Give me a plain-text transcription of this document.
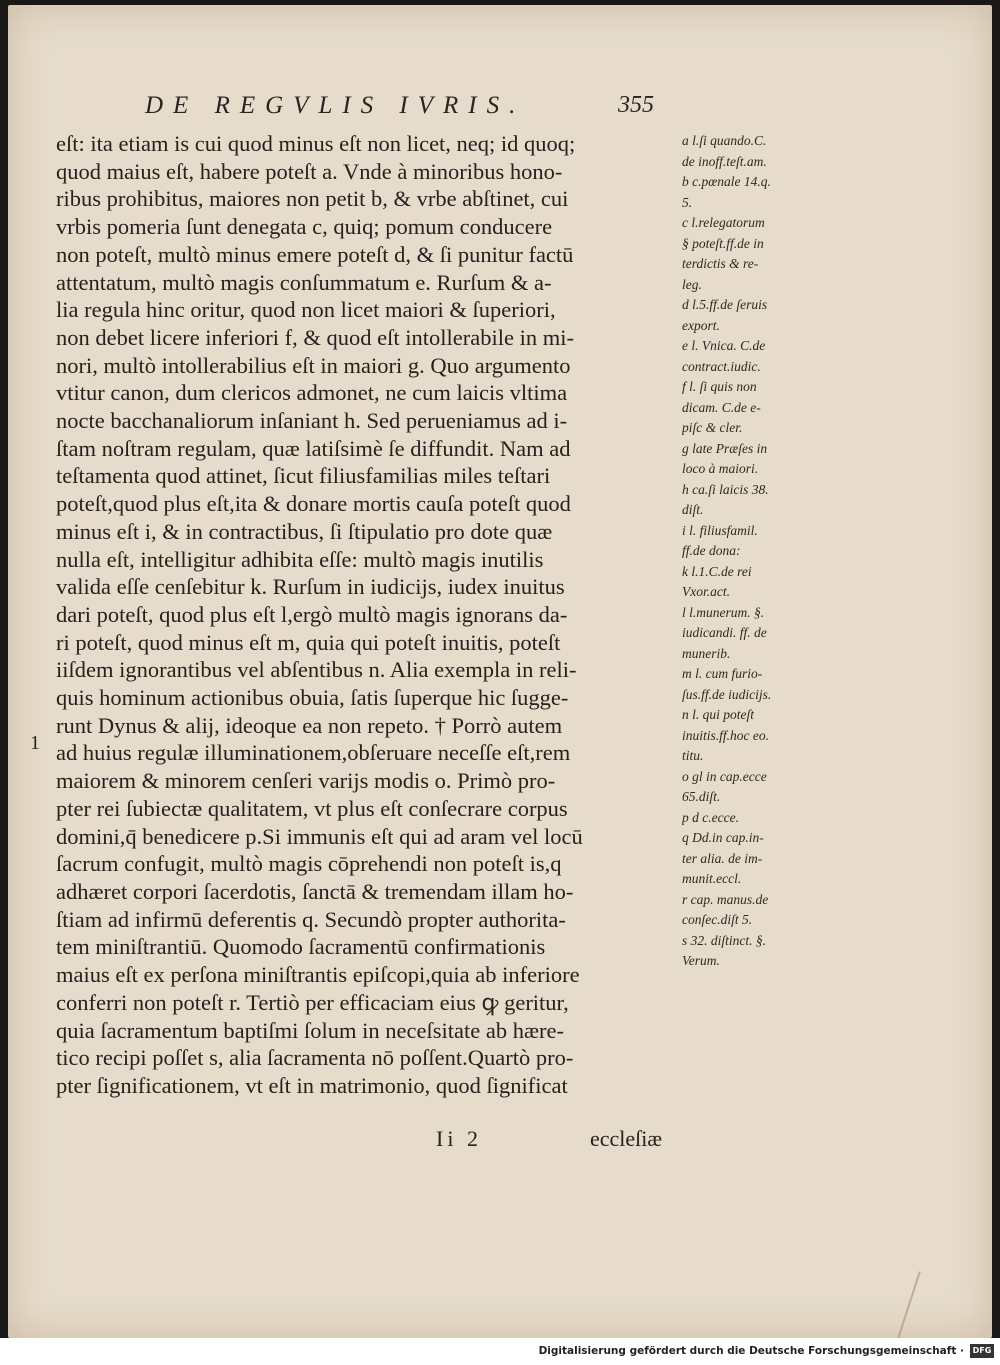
DE REGVLIS IVRIS.	355
1
eſt: ita etiam is cui quod minus eſt non licet, neq; id quoq;
quod maius eſt, habere poteſt a. Vnde à minoribus hono-
ribus prohibitus, maiores non petit b, & vrbe abſtinet, cui
vrbis pomeria ſunt denegata c, quiq; pomum conducere
non poteſt, multò minus emere poteſt d, & ſi punitur factū
attentatum, multò magis conſummatum e. Rurſum & a-
lia regula hinc oritur, quod non licet maiori & ſuperiori,
non debet licere inferiori f, & quod eſt intollerabile in mi-
nori, multò intollerabilius eſt in maiori g. Quo argumento
vtitur canon, dum clericos admonet, ne cum laicis vltima
nocte bacchanaliorum inſaniant h. Sed perueniamus ad i-
ſtam noſtram regulam, quæ latiſsimè ſe diffundit. Nam ad
teſtamenta quod attinet, ſicut filiusfamilias miles teſtari
poteſt,quod plus eſt,ita & donare mortis cauſa poteſt quod
minus eſt i, & in contractibus, ſi ſtipulatio pro dote quæ
nulla eſt, intelligitur adhibita eſſe: multò magis inutilis
valida eſſe cenſebitur k. Rurſum in iudicijs, iudex inuitus
dari poteſt, quod plus eſt l,ergò multò magis ignorans da-
ri poteſt, quod minus eſt m, quia qui poteſt inuitis, poteſt
iiſdem ignorantibus vel abſentibus n. Alia exempla in reli-
quis hominum actionibus obuia, ſatis ſuperque hic ſugge-
runt Dynus & alij, ideoque ea non repeto. † Porrò autem
ad huius regulæ illuminationem,obſeruare neceſſe eſt,rem
maiorem & minorem cenſeri varijs modis o. Primò pro-
pter rei ſubiectæ qualitatem, vt plus eſt conſecrare corpus
domini,q̄ benedicere p.Si immunis eſt qui ad aram vel locū
ſacrum confugit, multò magis cōprehendi non poteſt is,q
adhæret corpori ſacerdotis, ſanctā & tremendam illam ho-
ſtiam ad infirmū deferentis q. Secundò propter authorita-
tem miniſtrantiū. Quomodo ſacramentū confirmationis
maius eſt ex perſona miniſtrantis epiſcopi,quia ab inferiore
conferri non poteſt r. Tertiò per efficaciam eius ꝙ geritur,
quia ſacramentum baptiſmi ſolum in neceſsitate ab hære-
tico recipi poſſet s, alia ſacramenta nō poſſent.Quartò pro-
pter ſignificationem, vt eſt in matrimonio, quod ſignificat
a l.ſi quando.C.
de inoff.teſt.am.
b c.pœnale 14.q.
5.
c l.relegatorum
§ poteſt.ff.de in
terdictis & re-
leg.
d l.5.ff.de ſeruis
export.
e l. Vnica. C.de
contract.iudic.
f l. ſi quis non
dicam. C.de e-
piſc & cler.
g late Præſes in
loco à maiori.
h ca.ſi laicis 38.
diſt.
i l. filiusfamil.
ff.de dona:
k l.1.C.de rei
Vxor.act.
l l.munerum. §.
iudicandi. ff. de
munerib.
m l. cum furio-
ſus.ff.de iudicijs.
n l. qui poteſt
inuitis.ff.hoc eo.
titu.
o gl in cap.ecce
65.diſt.
p d c.ecce.
q Dd.in cap.in-
ter alia. de im-
munit.eccl.
r cap. manus.de
conſec.diſt 5.
s 32. diſtinct. §.
Verum.
Ii 2	eccleſiæ
Digitalisierung gefördert durch die Deutsche Forschungsgemeinschaft ·	DFG
